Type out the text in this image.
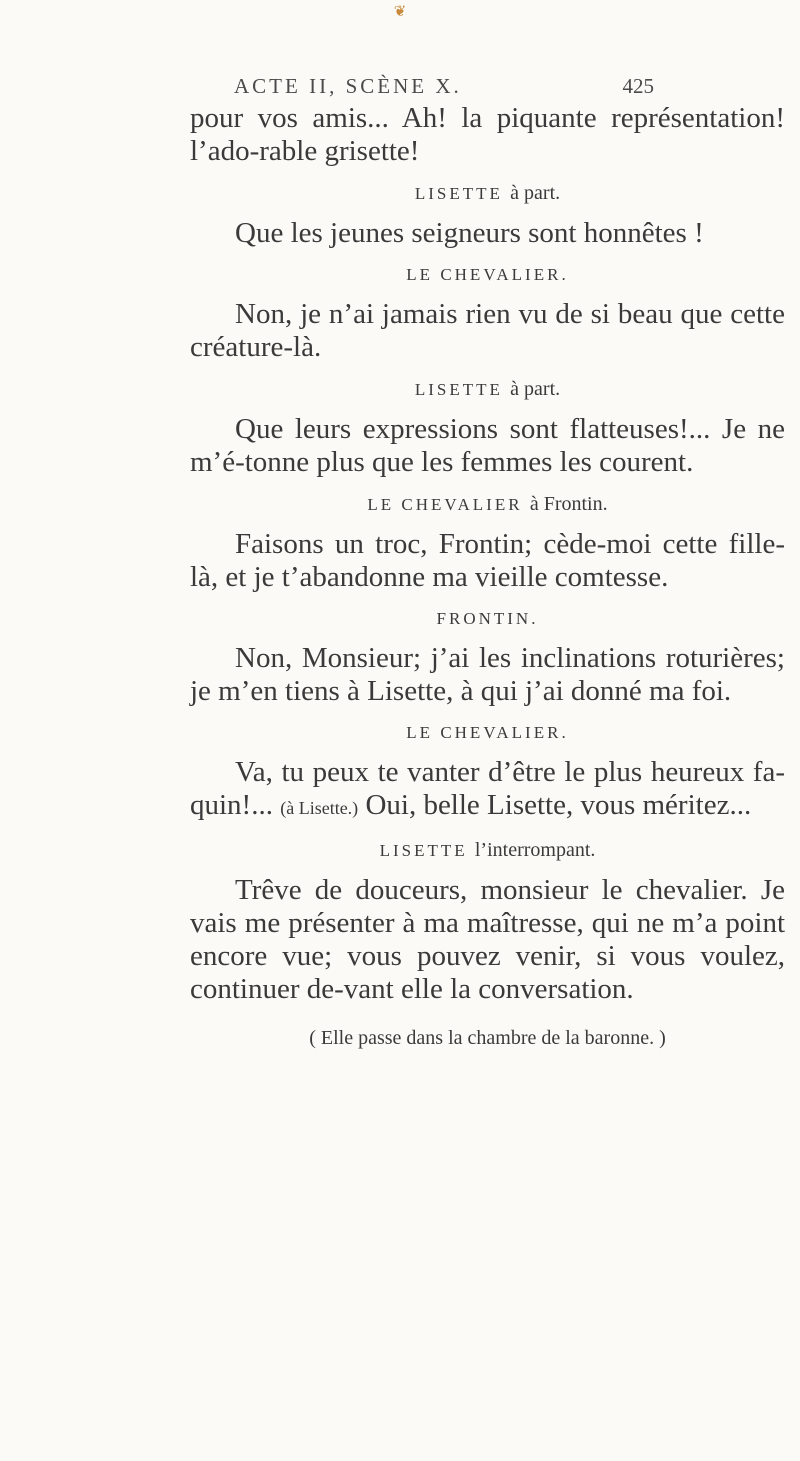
❦
ACTE II, SCÈNE X.	425

pour vos amis... Ah! la piquante représentation! l’ado-rable grisette!

LISETTE à part.

Que les jeunes seigneurs sont honnêtes !

LE CHEVALIER.

Non, je n’ai jamais rien vu de si beau que cette créature-là.

LISETTE à part.

Que leurs expressions sont flatteuses!... Je ne m’é-tonne plus que les femmes les courent.

LE CHEVALIER à Frontin.

Faisons un troc, Frontin; cède-moi cette fille-là, et je t’abandonne ma vieille comtesse.

FRONTIN.

Non, Monsieur; j’ai les inclinations roturières; je m’en tiens à Lisette, à qui j’ai donné ma foi.

LE CHEVALIER.

Va, tu peux te vanter d’être le plus heureux fa-quin!... (à Lisette.) Oui, belle Lisette, vous méritez...

LISETTE l’interrompant.

Trêve de douceurs, monsieur le chevalier. Je vais me présenter à ma maîtresse, qui ne m’a point encore vue; vous pouvez venir, si vous voulez, continuer de-vant elle la conversation.

( Elle passe dans la chambre de la baronne. )
